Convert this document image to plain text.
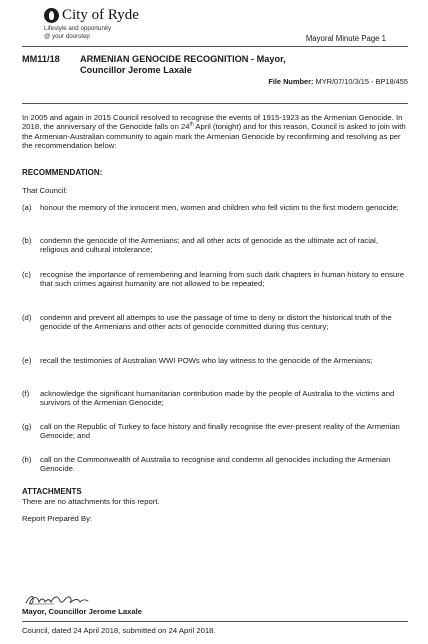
City of Ryde
Lifestyle and opportunity
@ your doorstep	Mayoral Minute Page 1
MM11/18	ARMENIAN GENOCIDE RECOGNITION - Mayor,
Councillor Jerome Laxale
File Number: MYR/07/10/3/15 - BP18/455
In 2005 and again in 2015 Council resolved to recognise the events of 1915-1923 as the Armenian Genocide. In 2018, the anniversary of the Genocide falls on 24th April (tonight) and for this reason, Council is asked to join with the Armenian-Australian community to again mark the Armenian Genocide by reconfirming and resolving as per the recommendation below:
RECOMMENDATION:
That Council:
(a)	honour the memory of the innocent men, women and children who fell victim to the first modern genocide;
(b)	condemn the genocide of the Armenians; and all other acts of genocide as the ultimate act of racial, religious and cultural intolerance;
(c)	recognise the importance of remembering and learning from such dark chapters in human history to ensure that such crimes against humanity are not allowed to be repeated;
(d)	condemn and prevent all attempts to use the passage of time to deny or distort the historical truth of the genocide of the Armenians and other acts of genocide committed during this century;
(e)	recall the testimonies of Australian WWI POWs who lay witness to the genocide of the Armenians;
(f)	acknowledge the significant humanitarian contribution made by the people of Australia to the victims and survivors of the Armenian Genocide;
(g)	call on the Republic of Turkey to face history and finally recognise the ever-present reality of the Armenian Genocide; and
(h)	call on the Commonwealth of Australia to recognise and condemn all genocides including the Armenian Genocide.
ATTACHMENTS
There are no attachments for this report.
Report Prepared By:
Mayor, Councillor Jerome Laxale
Council, dated 24 April 2018, submitted on 24 April 2018.
